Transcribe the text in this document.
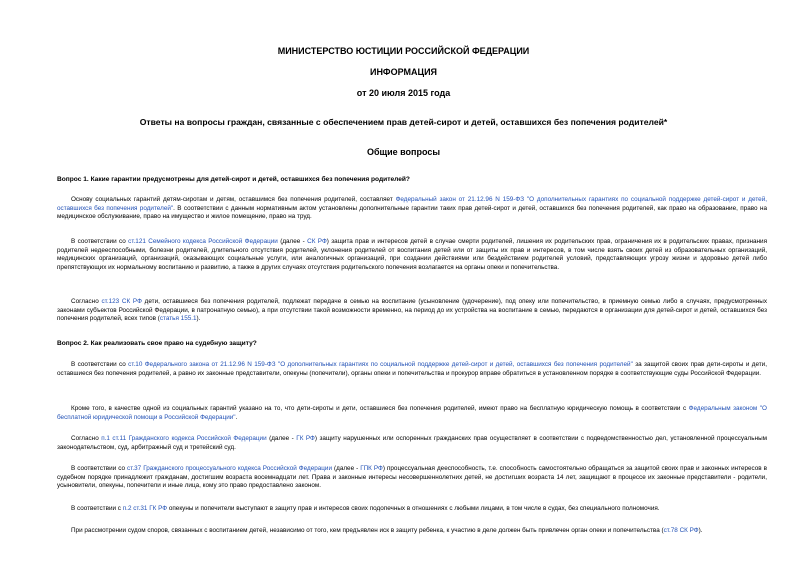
МИНИСТЕРСТВО ЮСТИЦИИ РОССИЙСКОЙ ФЕДЕРАЦИИ
ИНФОРМАЦИЯ
от 20 июля 2015 года
Ответы на вопросы граждан, связанные с обеспечением прав детей-сирот и детей, оставшихся без попечения родителей*
Общие вопросы

Вопрос 1. Какие гарантии предусмотрены для детей-сирот и детей, оставшихся без попечения родителей?

Основу социальных гарантий детям-сиротам и детям, оставшимся без попечения родителей, составляет Федеральный закон от 21.12.96 N 159-ФЗ "О дополнительных гарантиях по социальной поддержке детей-сирот и детей, оставшихся без попечения родителей". В соответствии с данным нормативным актом установлены дополнительные гарантии таких прав детей-сирот и детей, оставшихся без попечения родителей, как право на образование, право на медицинское обслуживание, право на имущество и жилое помещение, право на труд.

В соответствии со ст.121 Семейного кодекса Российской Федерации (далее - СК РФ) защита прав и интересов детей в случае смерти родителей, лишения их родительских прав, ограничения их в родительских правах, признания родителей недееспособными, болезни родителей, длительного отсутствия родителей, уклонения родителей от воспитания детей или от защиты их прав и интересов, в том числе взять своих детей из образовательных организаций, медицинских организаций, организаций, оказывающих социальные услуги, или аналогичных организаций, при создании действиями или бездействием родителей условий, представляющих угрозу жизни и здоровью детей либо препятствующих их нормальному воспитанию и развитию, а также в других случаях отсутствия родительского попечения возлагается на органы опеки и попечительства.

Согласно ст.123 СК РФ дети, оставшиеся без попечения родителей, подлежат передаче в семью на воспитание (усыновление (удочерение), под опеку или попечительство, в приемную семью либо в случаях, предусмотренных законами субъектов Российской Федерации, в патронатную семью), а при отсутствии такой возможности временно, на период до их устройства на воспитание в семью, передаются в организации для детей-сирот и детей, оставшихся без попечения родителей, всех типов (статья 155.1).

Вопрос 2. Как реализовать свое право на судебную защиту?

В соответствии со ст.10 Федерального закона от 21.12.96 N 159-ФЗ "О дополнительных гарантиях по социальной поддержке детей-сирот и детей, оставшихся без попечения родителей" за защитой своих прав дети-сироты и дети, оставшиеся без попечения родителей, а равно их законные представители, опекуны (попечители), органы опеки и попечительства и прокурор вправе обратиться в установленном порядке в соответствующие суды Российской Федерации.

Кроме того, в качестве одной из социальных гарантий указано на то, что дети-сироты и дети, оставшиеся без попечения родителей, имеют право на бесплатную юридическую помощь в соответствии с Федеральным законом "О бесплатной юридической помощи в Российской Федерации".

Согласно п.1 ст.11 Гражданского кодекса Российской Федерации (далее - ГК РФ) защиту нарушенных или оспоренных гражданских прав осуществляет в соответствии с подведомственностью дел, установленной процессуальным законодательством, суд, арбитражный суд и третейский суд.

В соответствии со ст.37 Гражданского процессуального кодекса Российской Федерации (далее - ГПК РФ) процессуальная дееспособность, т.е. способность самостоятельно обращаться за защитой своих прав и законных интересов в судебном порядке принадлежит гражданам, достигшим возраста восемнадцати лет. Права и законные интересы несовершеннолетних детей, не достигших возраста 14 лет, защищают в процессе их законные представители - родители, усыновители, опекуны, попечители и иные лица, кому это право предоставлено законом.

В соответствии с п.2 ст.31 ГК РФ опекуны и попечители выступают в защиту прав и интересов своих подопечных в отношениях с любыми лицами, в том числе в судах, без специального полномочия.

При рассмотрении судом споров, связанных с воспитанием детей, независимо от того, кем предъявлен иск в защиту ребенка, к участию в деле должен быть привлечен орган опеки и попечительства (ст.78 СК РФ).
